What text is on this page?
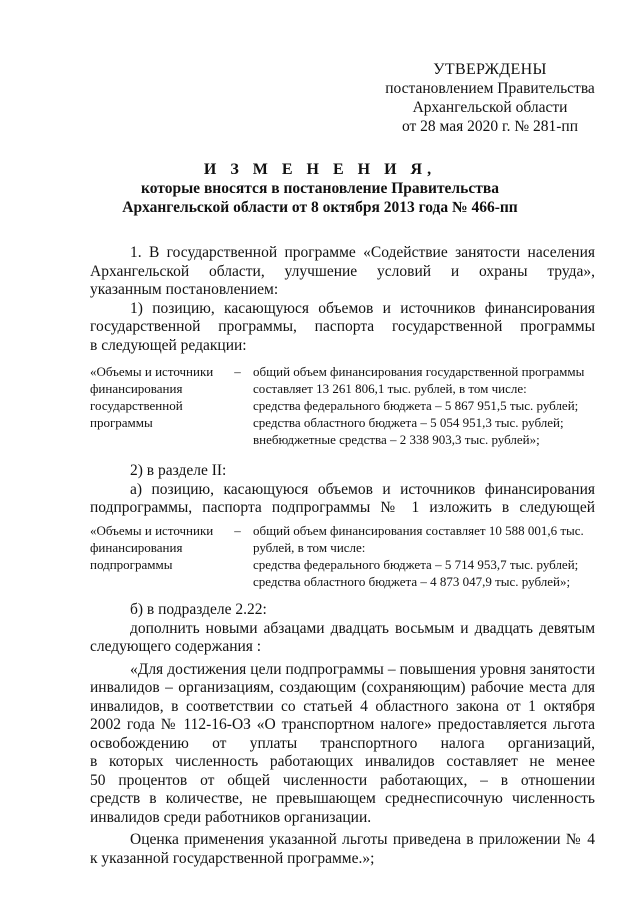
УТВЕРЖДЕНЫ
постановлением Правительства
Архангельской области
от 28 мая 2020 г. № 281-пп
И З М Е Н Е Н И Я,
которые вносятся в постановление Правительства
Архангельской области от 8 октября 2013 года № 466-пп
1. В государственной программе «Содействие занятости населения
Архангельской области, улучшение условий и охраны труда»,
указанным постановлением:
1) позицию, касающуюся объемов и источников финансирования
государственной программы, паспорта государственной программы
в следующей редакции:
«Объемы и источники
финансирования
государственной
программы
– общий объем финансирования государственной программы
составляет 13 261 806,1 тыс. рублей, в том числе:
средства федерального бюджета – 5 867 951,5 тыс. рублей;
средства областного бюджета – 5 054 951,3 тыс. рублей;
внебюджетные средства – 2 338 903,3 тыс. рублей»;
2) в разделе II:
а) позицию, касающуюся объемов и источников финансирования
подпрограммы, паспорта подпрограммы № 1 изложить в следующей
«Объемы и источники
финансирования
подпрограммы
– общий объем финансирования составляет 10 588 001,6 тыс.
рублей, в том числе:
средства федерального бюджета – 5 714 953,7 тыс. рублей;
средства областного бюджета – 4 873 047,9 тыс. рублей»;
б) в подразделе 2.22:
дополнить новыми абзацами двадцать восьмым и двадцать девятым
следующего содержания :
«Для достижения цели подпрограммы – повышения уровня занятости
инвалидов – организациям, создающим (сохраняющим) рабочие места для
инвалидов, в соответствии со статьей 4 областного закона от 1 октября
2002 года № 112-16-ОЗ «О транспортном налоге» предоставляется льгота
освобождению от уплаты транспортного налога организаций,
в которых численность работающих инвалидов составляет не менее
50 процентов от общей численности работающих, – в отношении
средств в количестве, не превышающем среднесписочную численность
инвалидов среди работников организации.
Оценка применения указанной льготы приведена в приложении № 4
к указанной государственной программе.»;
